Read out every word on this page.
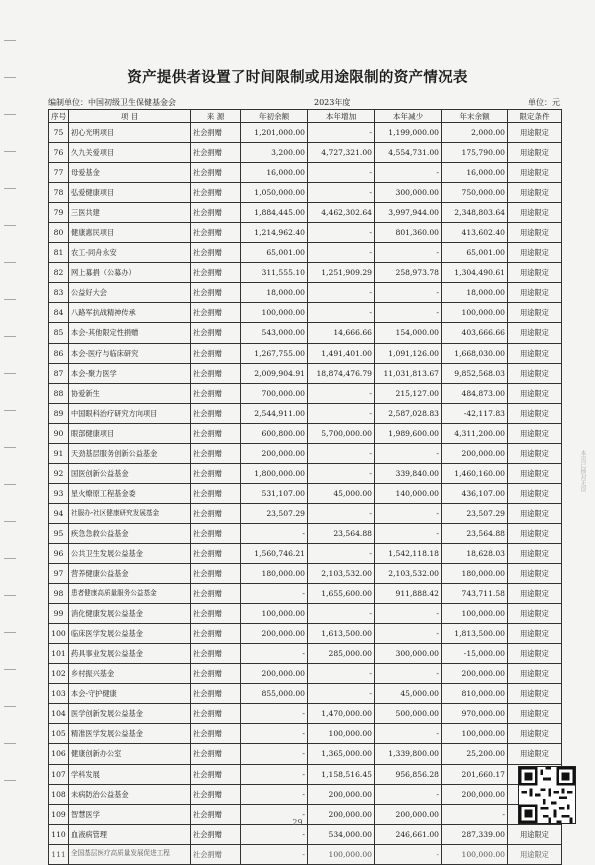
本页已核对无误
资产提供者设置了时间限制或用途限制的资产情况表
编制单位：中国初级卫生保健基金会	2023年度	单位：元
序号	项 目	来 源	年初余额	本年增加	本年减少	年末余额	限定条件
75	初心光明项目	社会捐赠	1,201,000.00	-	1,199,000.00	2,000.00	用途限定
76	久九关爱项目	社会捐赠	3,200.00	4,727,321.00	4,554,731.00	175,790.00	用途限定
77	母爱基金	社会捐赠	16,000.00	-	-	16,000.00	用途限定
78	弘爱健康项目	社会捐赠	1,050,000.00	-	300,000.00	750,000.00	用途限定
79	三医共建	社会捐赠	1,884,445.00	4,462,302.64	3,997,944.00	2,348,803.64	用途限定
80	健康惠民项目	社会捐赠	1,214,962.40	-	801,360.00	413,602.40	用途限定
81	农工-同舟永安	社会捐赠	65,001.00	-	-	65,001.00	用途限定
82	网上募捐（公募办）	社会捐赠	311,555.10	1,251,909.29	258,973.78	1,304,490.61	用途限定
83	公益好大会	社会捐赠	18,000.00	-	-	18,000.00	用途限定
84	八路军抗战精神传承	社会捐赠	100,000.00	-	-	100,000.00	用途限定
85	本会-其他限定性捐赠	社会捐赠	543,000.00	14,666.66	154,000.00	403,666.66	用途限定
86	本会-医疗与临床研究	社会捐赠	1,267,755.00	1,491,401.00	1,091,126.00	1,668,030.00	用途限定
87	本会-聚力医学	社会捐赠	2,009,904.91	18,874,476.79	11,031,813.67	9,852,568.03	用途限定
88	协爱新生	社会捐赠	700,000.00	-	215,127.00	484,873.00	用途限定
89	中国眼科治疗研究方向项目	社会捐赠	2,544,911.00	-	2,587,028.83	-42,117.83	用途限定
90	眼部健康项目	社会捐赠	600,800.00	5,700,000.00	1,989,600.00	4,311,200.00	用途限定
91	天劲基层服务创新公益基金	社会捐赠	200,000.00	-	-	200,000.00	用途限定
92	国医创新公益基金	社会捐赠	1,800,000.00	-	339,840.00	1,460,160.00	用途限定
93	星火燎原工程基金委	社会捐赠	531,107.00	45,000.00	140,000.00	436,107.00	用途限定
94	社服办-社区健康研究发展基金	社会捐赠	23,507.29	-	-	23,507.29	用途限定
95	疾急急救公益基金	社会捐赠	-	23,564.88	-	23,564.88	用途限定
96	公共卫生发展公益基金	社会捐赠	1,560,746.21	-	1,542,118.18	18,628.03	用途限定
97	营养健康公益基金	社会捐赠	180,000.00	2,103,532.00	2,103,532.00	180,000.00	用途限定
98	患者健康高质量服务公益基金	社会捐赠	-	1,655,600.00	911,888.42	743,711.58	用途限定
99	消化健康发展公益基金	社会捐赠	100,000.00	-	-	100,000.00	用途限定
100	临床医学发展公益基金	社会捐赠	200,000.00	1,613,500.00	-	1,813,500.00	用途限定
101	药具事业发展公益基金	社会捐赠	-	285,000.00	300,000.00	-15,000.00	用途限定
102	乡村振兴基金	社会捐赠	200,000.00	-	-	200,000.00	用途限定
103	本会-守护健康	社会捐赠	855,000.00	-	45,000.00	810,000.00	用途限定
104	医学创新发展公益基金	社会捐赠	-	1,470,000.00	500,000.00	970,000.00	用途限定
105	精准医学发展公益基金	社会捐赠	-	100,000.00	-	100,000.00	用途限定
106	健康创新办公室	社会捐赠	-	1,365,000.00	1,339,800.00	25,200.00	用途限定
107	学科发展	社会捐赠	-	1,158,516.45	956,856.28	201,660.17	
108	未病防治公益基金	社会捐赠	-	200,000.00	-	200,000.00	
109	智慧医学	社会捐赠	-	200,000.00	200,000.00	-	
110	血液病管理	社会捐赠	-	534,000.00	246,661.00	287,339.00	用途限定
111	全国基层医疗高质量发展促进工程	社会捐赠	-	100,000.00	-	100,000.00	用途限定
29
